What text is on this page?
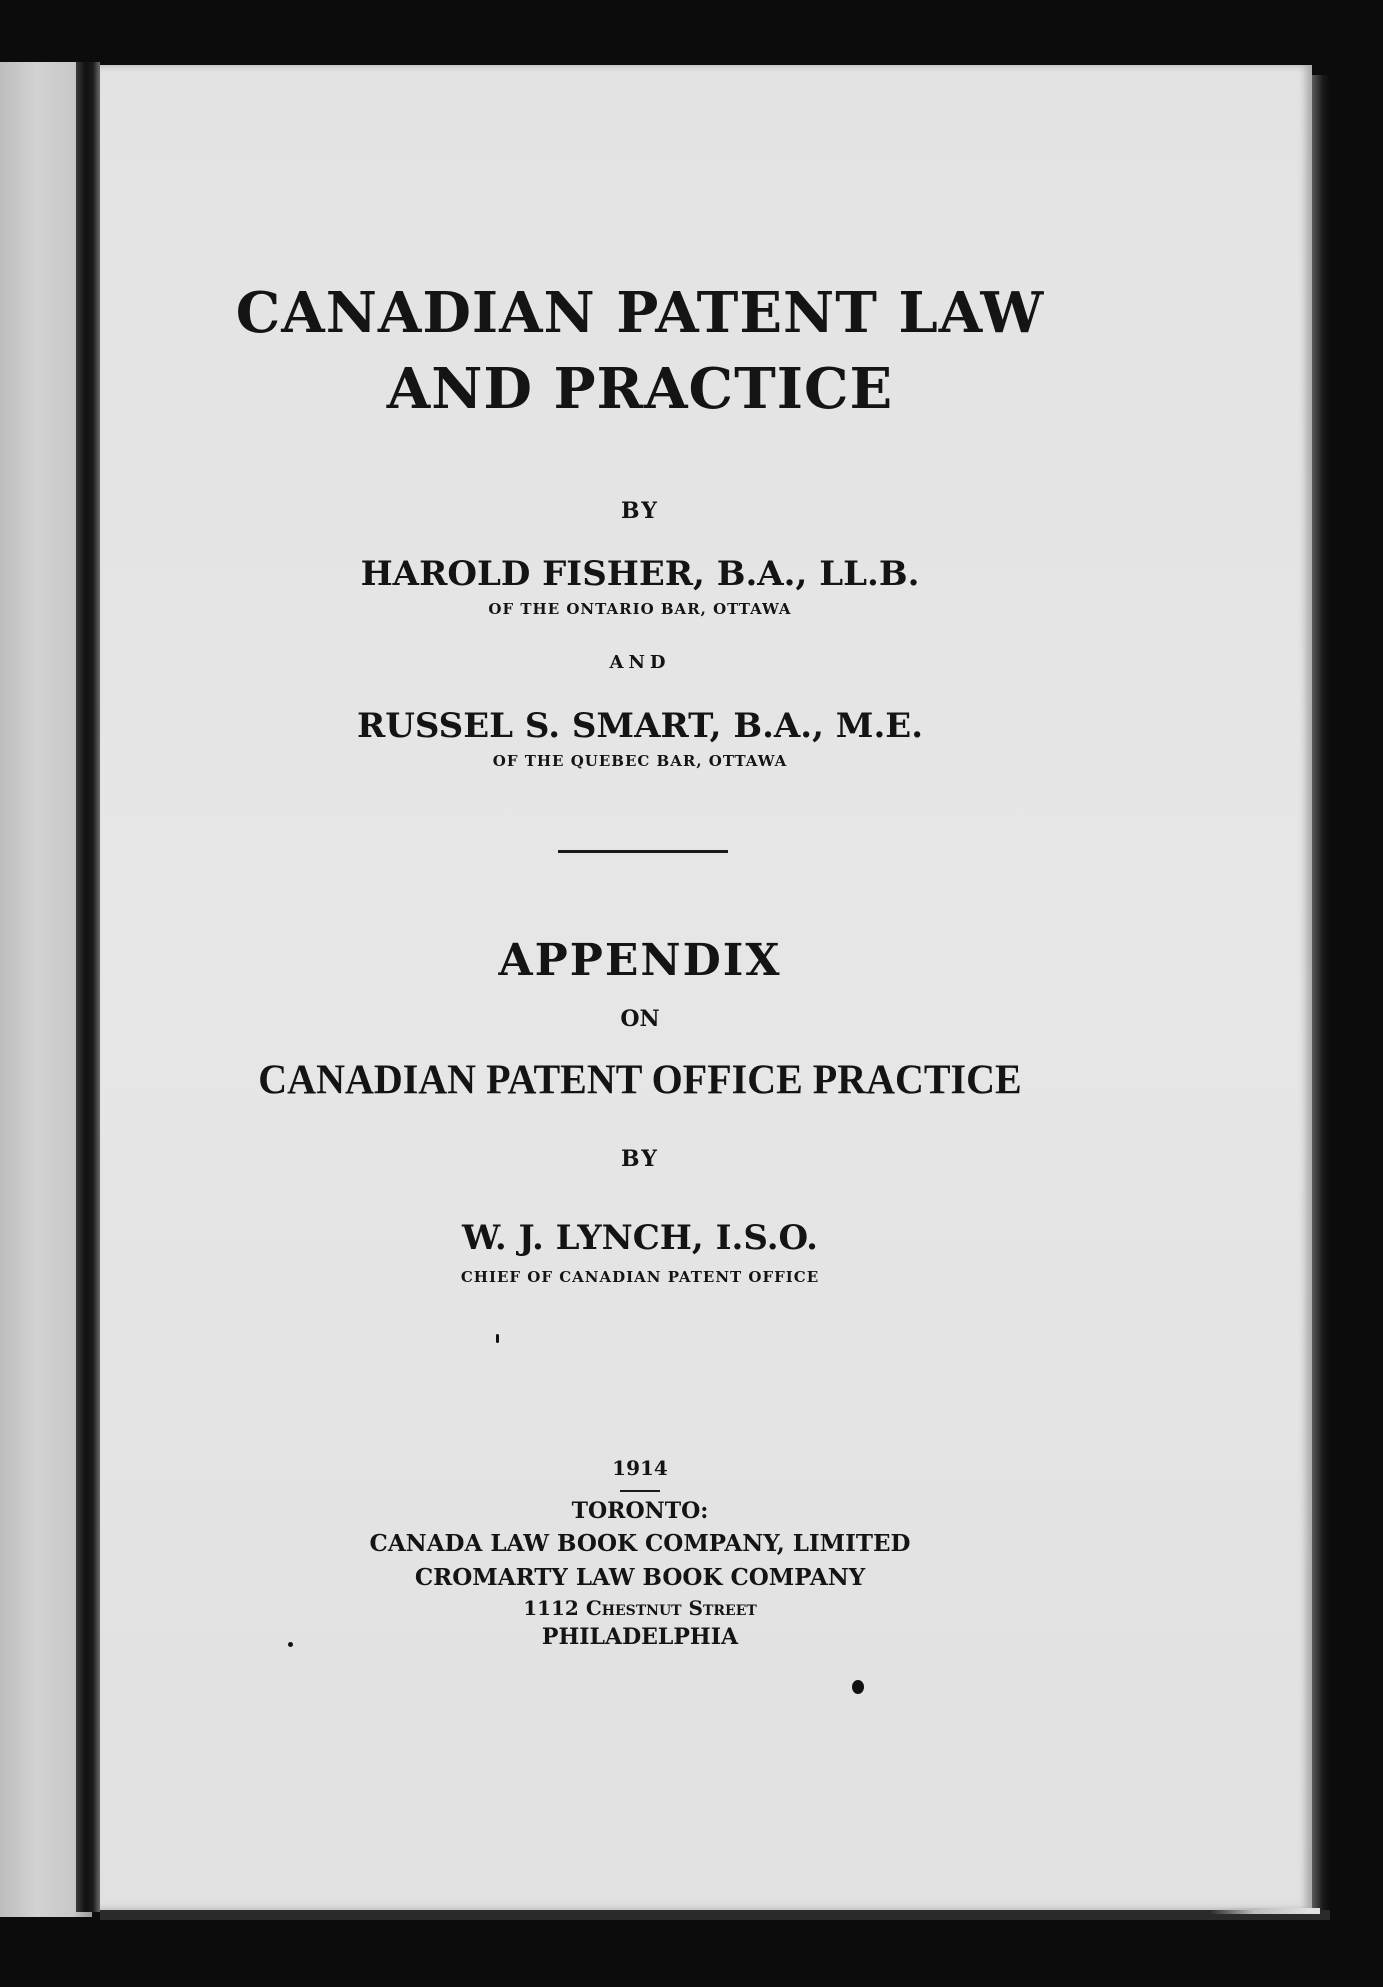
CANADIAN PATENT LAW
AND PRACTICE
BY
HAROLD FISHER, B.A., LL.B.
OF THE ONTARIO BAR, OTTAWA
AND
RUSSEL S. SMART, B.A., M.E.
OF THE QUEBEC BAR, OTTAWA
APPENDIX
ON
CANADIAN PATENT OFFICE PRACTICE
BY
W. J. LYNCH, I.S.O.
CHIEF OF CANADIAN PATENT OFFICE
1914
TORONTO:
CANADA LAW BOOK COMPANY, LIMITED
CROMARTY LAW BOOK COMPANY
1112 Chestnut Street
PHILADELPHIA
